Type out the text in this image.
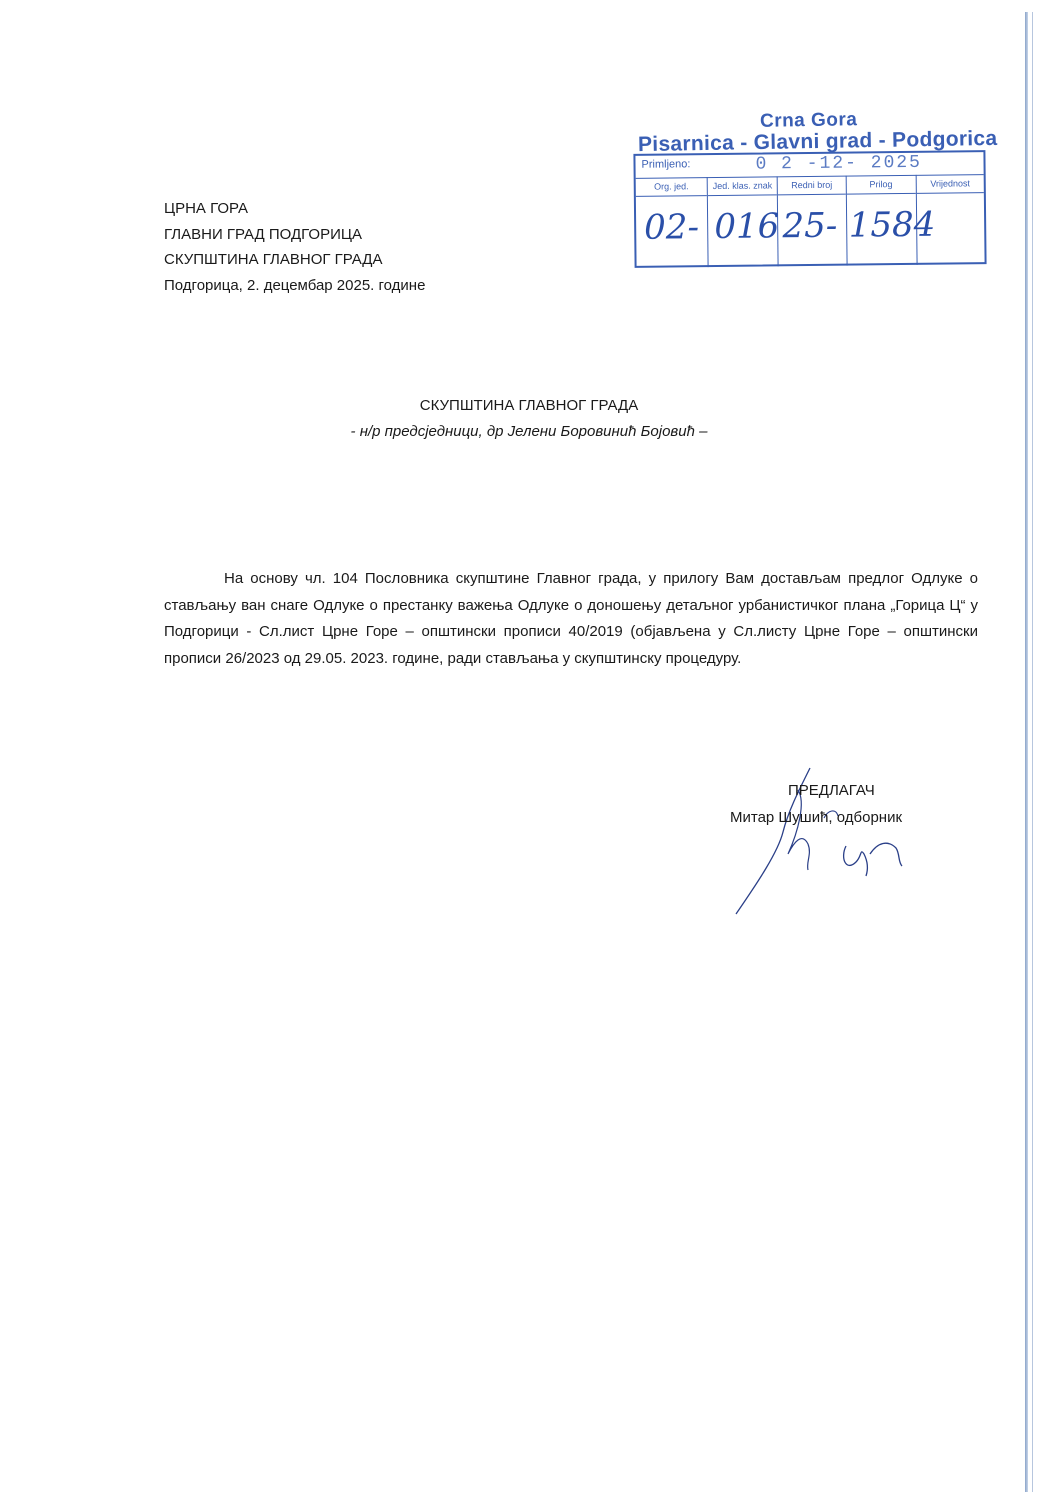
Crna Gora
Pisarnica - Glavni grad - Podgorica
Primljeno:	0 2 -12- 2025
Org. jed.
02-
Jed. klas. znak
016
Redni broj
25-
Prilog
1584
Vrijednost
ЦРНА ГОРА
ГЛАВНИ ГРАД ПОДГОРИЦА
СКУПШТИНА ГЛАВНОГ ГРАДА
Подгорица, 2. децембар 2025. године
СКУПШТИНА ГЛАВНОГ ГРАДА
- н/р предсједници, др Јелени Боровинић Бојовић –

На основу чл. 104 Пословника скупштине Главног града, у прилогу Вам достављам предлог Одлуке о стављању ван снаге Одлуке о престанку важења Одлуке о доношењу детаљног урбанистичког плана „Горица Ц“ у Подгорици - Сл.лист Црне Горе – општински прописи 40/2019 (објављена у Сл.листу Црне Горе – општински прописи 26/2023 од 29.05. 2023. године, ради стављања у скупштинску процедуру.

ПРЕДЛАГАЧ
Митар Шушић, одборник
